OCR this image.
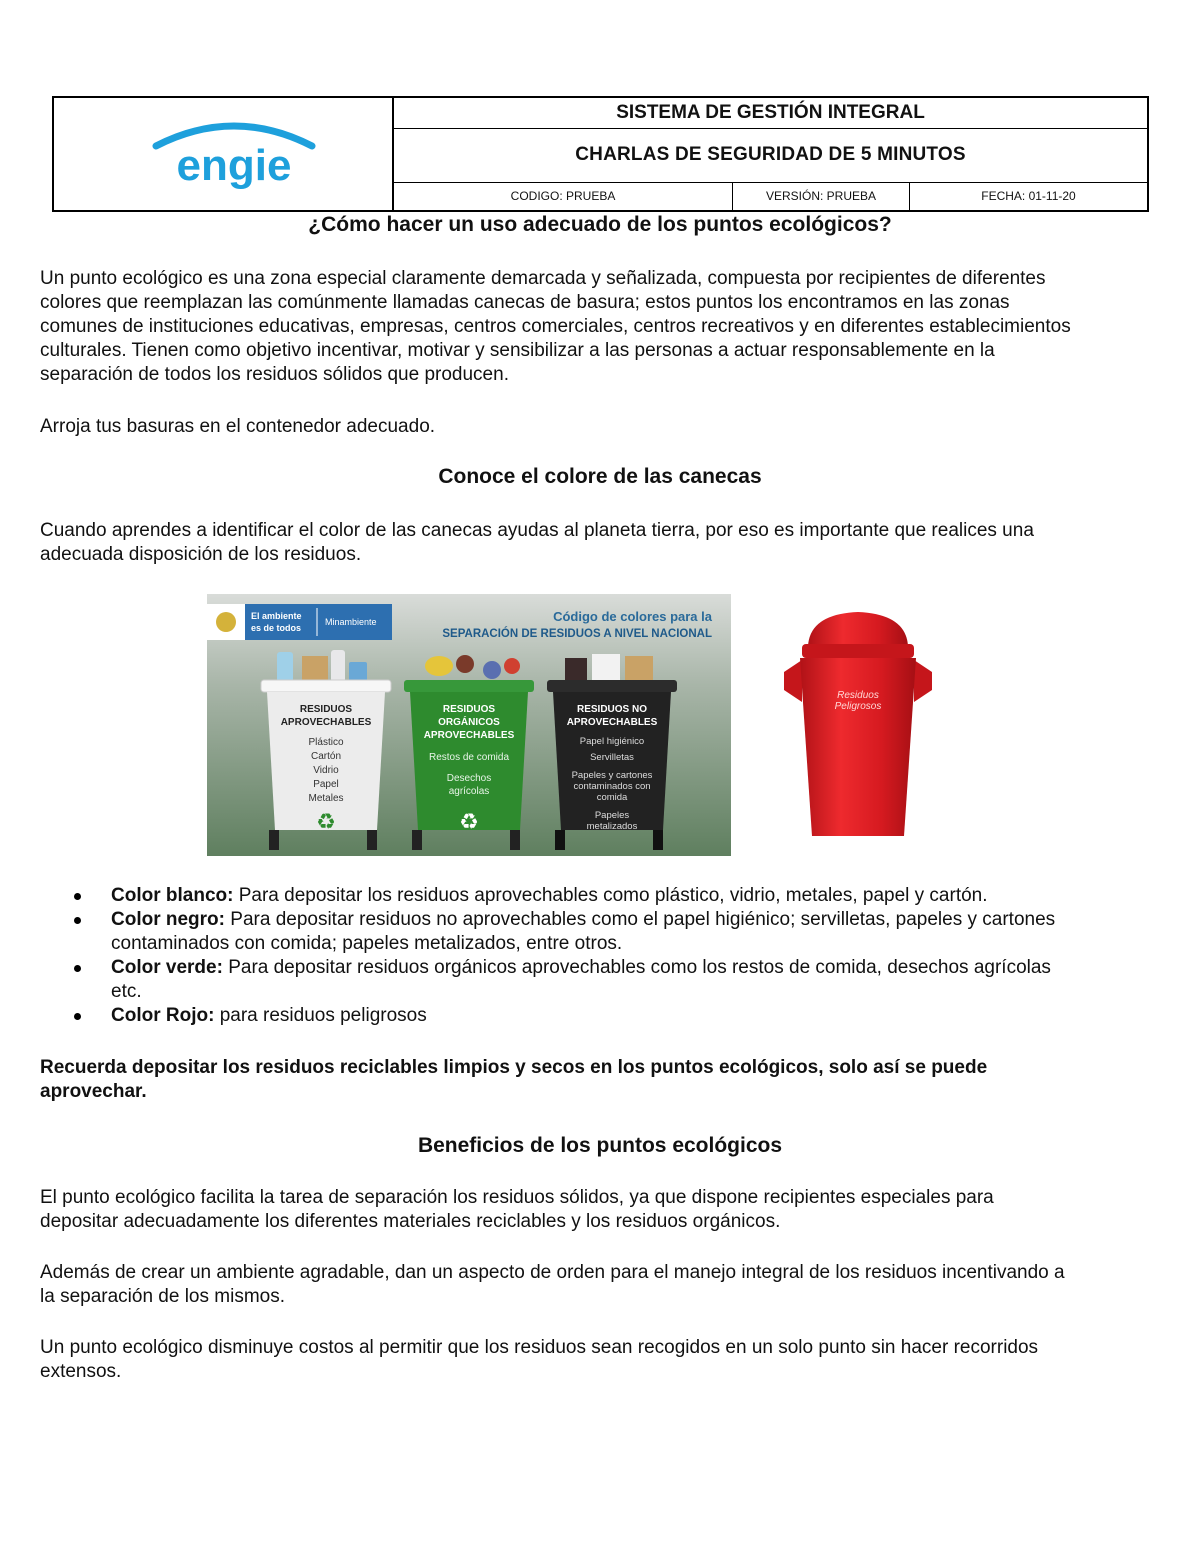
engie
SISTEMA DE GESTIÓN INTEGRAL
CHARLAS DE SEGURIDAD DE 5 MINUTOS
CODIGO: PRUEBA	VERSIÓN: PRUEBA	FECHA: 01-11-20
¿Cómo hacer un uso adecuado de los puntos ecológicos?

Un punto ecológico es una zona especial claramente demarcada y señalizada, compuesta por recipientes de diferentes
colores que reemplazan las comúnmente llamadas canecas de basura; estos puntos los encontramos en las zonas
comunes de instituciones educativas, empresas, centros comerciales, centros recreativos y en diferentes establecimientos
culturales. Tienen como objetivo incentivar, motivar y sensibilizar a las personas a actuar responsablemente en la
separación de todos los residuos sólidos que producen.

Arroja tus basuras en el contenedor adecuado.

Conoce el colore de las canecas

Cuando aprendes a identificar el color de las canecas ayudas al planeta tierra, por eso es importante que realices una
adecuada disposición de los residuos.

El ambiente
es de todos
Minambiente	Código de colores para la
SEPARACIÓN DE RESIDUOS A NIVEL NACIONAL
RESIDUOS
APROVECHABLES
Plástico
Cartón
Vidrio
Papel
Metales
♻
RESIDUOS
ORGÁNICOS
APROVECHABLES
Restos de comida
Desechos
agrícolas
♻
RESIDUOS NO
APROVECHABLES
Papel higiénico
Servilletas
Papeles y cartones
contaminados con
comida
Papeles
metalizados
Residuos
Peligrosos
Color blanco: Para depositar los residuos aprovechables como plástico, vidrio, metales, papel y cartón.
Color negro: Para depositar residuos no aprovechables como el papel higiénico; servilletas, papeles y cartones
contaminados con comida; papeles metalizados, entre otros.
Color verde: Para depositar residuos orgánicos aprovechables como los restos de comida, desechos agrícolas
etc.
Color Rojo: para residuos peligrosos

Recuerda depositar los residuos reciclables limpios y secos en los puntos ecológicos, solo así se puede
aprovechar.

Beneficios de los puntos ecológicos

El punto ecológico facilita la tarea de separación los residuos sólidos, ya que dispone recipientes especiales para
depositar adecuadamente los diferentes materiales reciclables y los residuos orgánicos.

Además de crear un ambiente agradable, dan un aspecto de orden para el manejo integral de los residuos incentivando a
la separación de los mismos.

Un punto ecológico disminuye costos al permitir que los residuos sean recogidos en un solo punto sin hacer recorridos
extensos.
